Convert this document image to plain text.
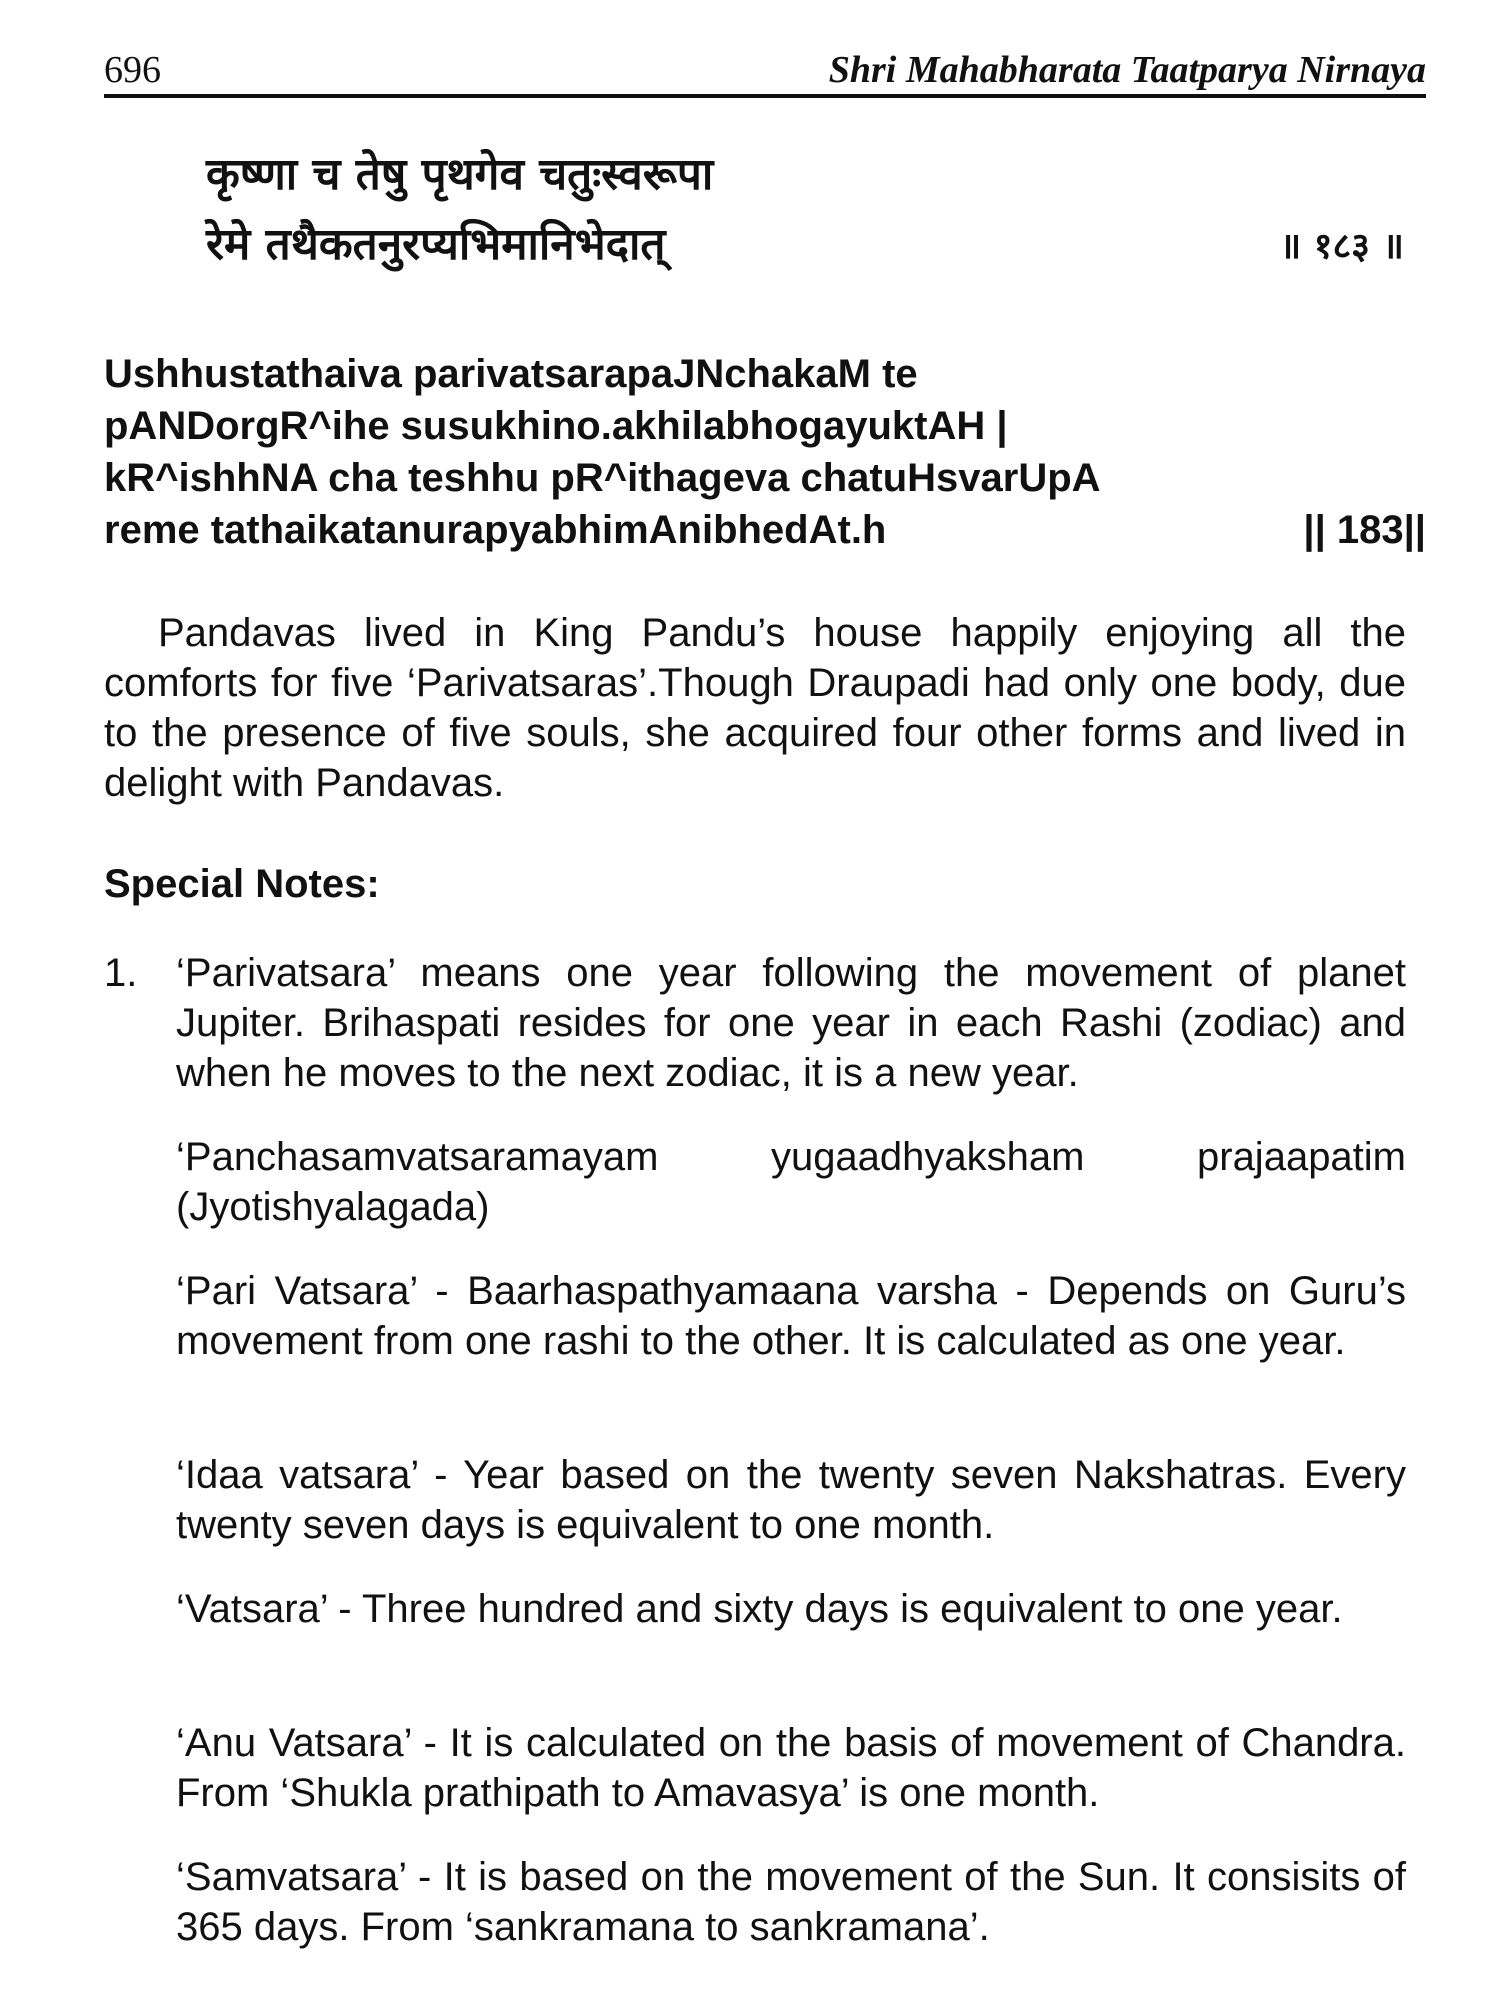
696	Shri Mahabharata Taatparya Nirnaya
कृष्णा च तेषु पृथगेव चतुःस्वरूपा
रेमे तथैकतनुरप्यभिमानिभेदात्	॥ १८३ ॥
Ushhustathaiva parivatsarapaJNchakaM te
pANDorgR^ihe susukhino.akhilabhogayuktAH |
kR^ishhNA cha teshhu pR^ithageva chatuHsvarUpA
reme tathaikatanurapyabhimAnibhedAt.h	|| 183||
Pandavas lived in King Pandu’s house happily enjoying all the comforts for five ‘Parivatsaras’.Though Draupadi had only one body, due to the presence of five souls, she acquired four other forms and lived in delight with Pandavas.
Special Notes:
1. ‘Parivatsara’ means one year following the movement of planet Jupiter. Brihaspati resides for one year in each Rashi (zodiac) and when he moves to the next zodiac, it is a new year.
‘Panchasamvatsaramayam yugaadhyaksham prajaapatim (Jyotishyalagada)
‘Pari Vatsara’ - Baarhaspathyamaana varsha - Depends on Guru’s movement from one rashi to the other. It is calculated as one year.
‘Idaa vatsara’ - Year based on the twenty seven Nakshatras. Every twenty seven days is equivalent to one month.
‘Vatsara’ - Three hundred and sixty days is equivalent to one year.
‘Anu Vatsara’ - It is calculated on the basis of movement of Chandra. From ‘Shukla prathipath to Amavasya’ is one month.
‘Samvatsara’ - It is based on the movement of the Sun. It consisits of 365 days. From ‘sankramana to sankramana’.
